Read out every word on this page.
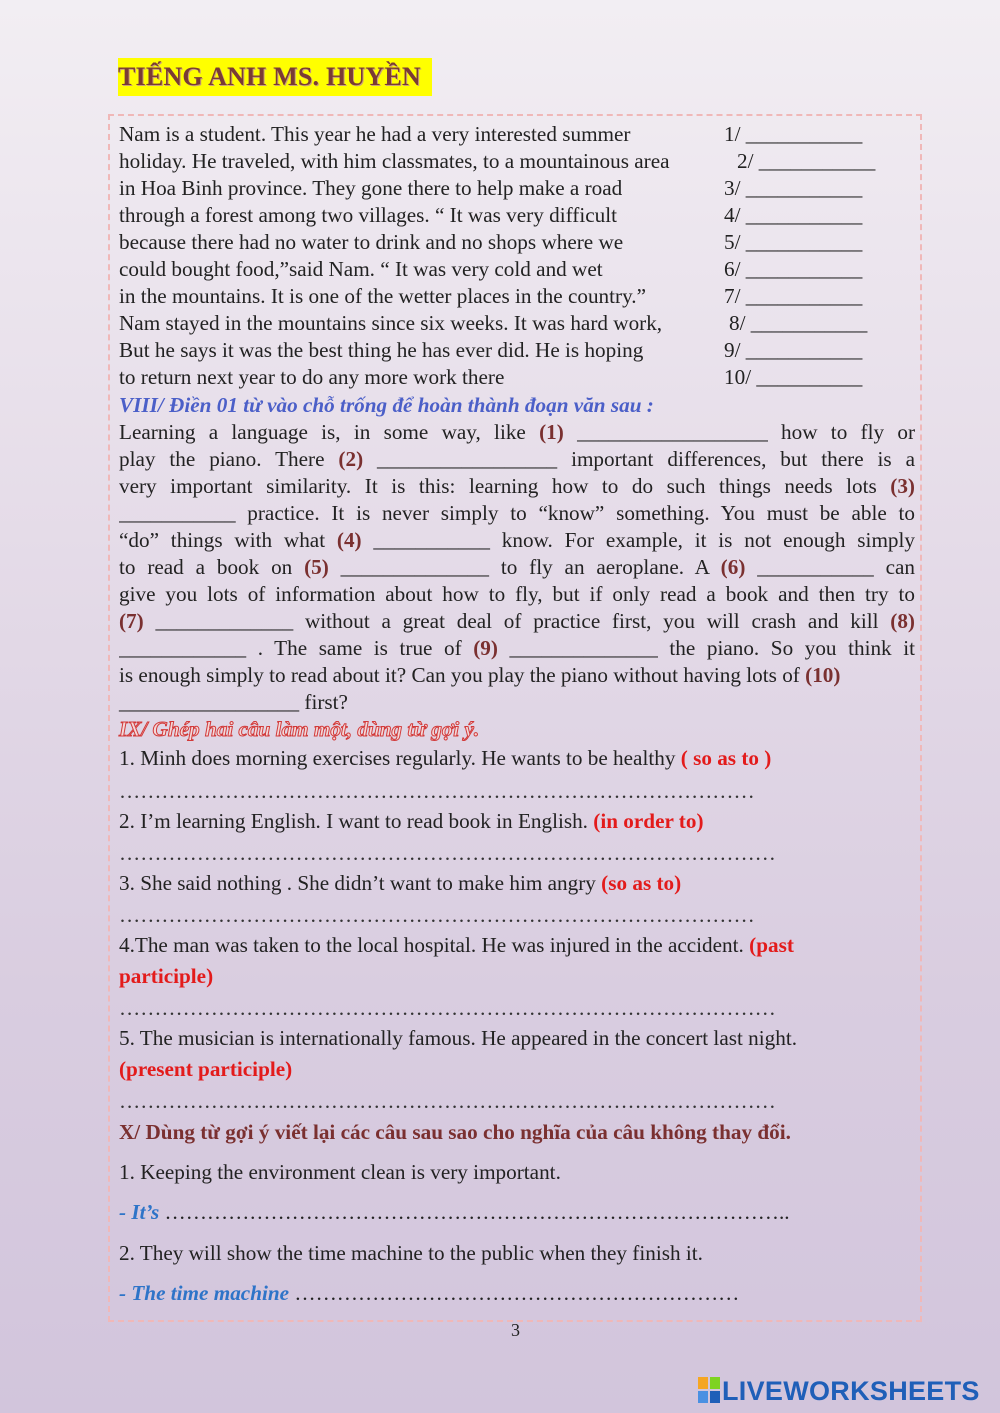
TIẾNG ANH MS. HUYỀN
Nam is a student. This year he had a very interested summer
holiday. He traveled, with him classmates, to a mountainous area
in Hoa Binh province. They gone there to help make a road
through a forest among two villages. “ It was very difficult
because there had no water to drink and no shops where we
could bought food,”said Nam. “ It was very cold and wet
in the mountains. It is one of the wetter places in the country.”
Nam stayed in the mountains since six weeks. It was hard work,
But he says it was the best thing he has ever did. He is hoping
to return next year to do any more work there
1/ ___________
2/ ___________
3/ ___________
4/ ___________
5/ ___________
6/ ___________
7/ ___________
8/ ___________
9/ ___________
10/ __________
VIII/ Điền 01 từ vào chỗ trống để hoàn thành đoạn văn sau :
Learning a language is, in some way, like (1) __________________ how to fly or
play the piano. There (2) _________________ important differences, but there is a
very important similarity. It is this: learning how to do such things needs lots (3)
___________ practice. It is never simply to “know” something. You must be able to
“do” things with what (4) ___________ know. For example, it is not enough simply
to read a book on (5) ______________ to fly an aeroplane. A (6) ___________ can
give you lots of information about how to fly, but if only read a book and then try to
(7) _____________ without a great deal of practice first, you will crash and kill (8)
____________ . The same is true of (9) ______________ the piano. So you think it
is enough simply to read about it? Can you play the piano without having lots of (10)
_________________ first?
IX/ Ghép hai câu làm một, dùng từ gợi ý.
1. Minh does morning exercises regularly. He wants to be healthy ( so as to )
………………………………………………………………………………
2. I’m learning English. I want to read book in English. (in order to)
…………………………………………………………………………………
3. She said nothing . She didn’t want to make him angry (so as to)
………………………………………………………………………………
4.The man was taken to the local hospital. He was injured in the accident. (past
participle)
…………………………………………………………………………………
5. The musician is internationally famous. He appeared in the concert last night.
(present participle)
…………………………………………………………………………………
X/ Dùng từ gợi ý viết lại các câu sau sao cho nghĩa của câu không thay đổi.
1. Keeping the environment clean is very important.
- It’s ……………………………………………………………………………..
2. They will show the time machine to the public when they finish it.
- The time machine ………………………………………………………
3
LIVEWORKSHEETS
